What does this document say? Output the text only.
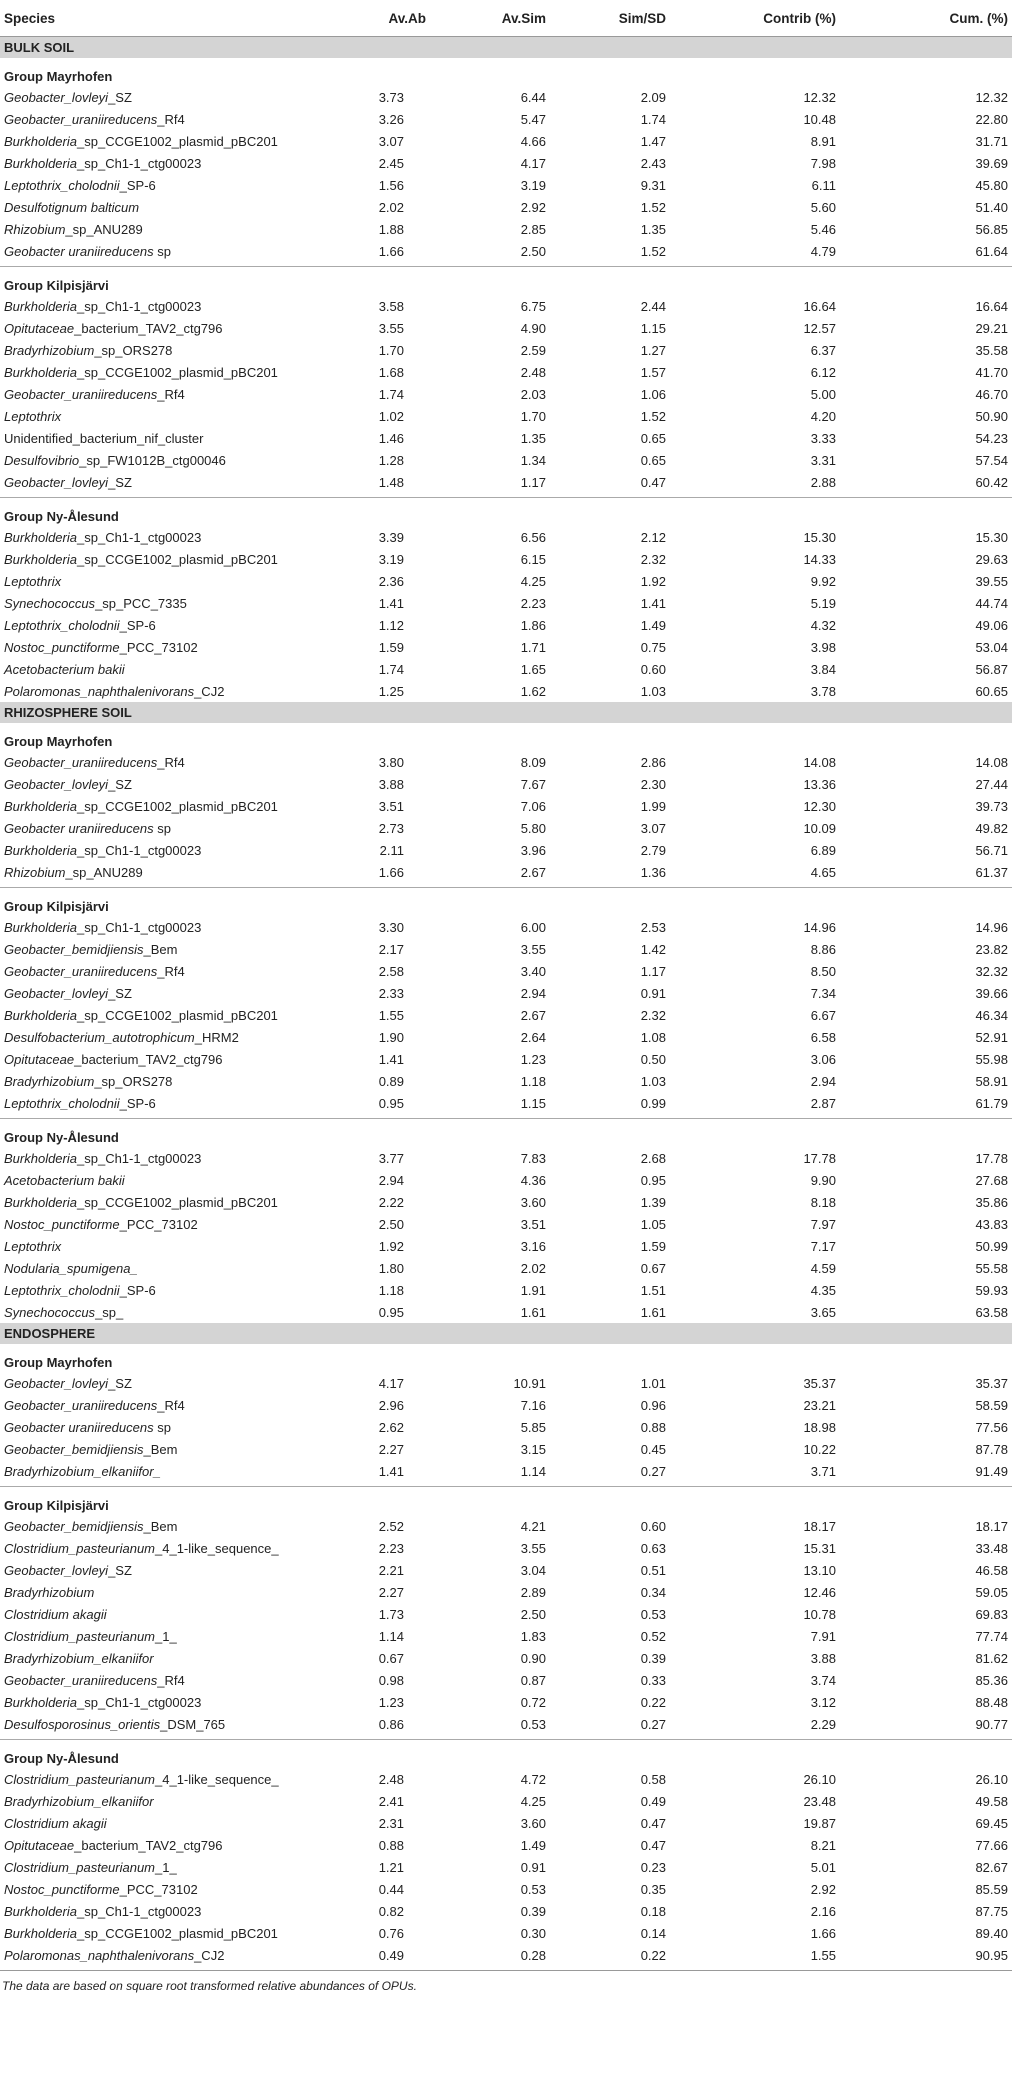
Species	Av.Ab	Av.Sim	Sim/SD	Contrib (%)	Cum. (%)
BULK SOIL					
Group Mayrhofen					
Geobacter_lovleyi_SZ	3.73	6.44	2.09	12.32	12.32
Geobacter_uraniireducens_Rf4	3.26	5.47	1.74	10.48	22.80
Burkholderia_sp_CCGE1002_plasmid_pBC201	3.07	4.66	1.47	8.91	31.71
Burkholderia_sp_Ch1-1_ctg00023	2.45	4.17	2.43	7.98	39.69
Leptothrix_cholodnii_SP-6	1.56	3.19	9.31	6.11	45.80
Desulfotignum balticum	2.02	2.92	1.52	5.60	51.40
Rhizobium_sp_ANU289	1.88	2.85	1.35	5.46	56.85
Geobacter uraniireducens sp	1.66	2.50	1.52	4.79	61.64

Group Kilpisjärvi					
Burkholderia_sp_Ch1-1_ctg00023	3.58	6.75	2.44	16.64	16.64
Opitutaceae_bacterium_TAV2_ctg796	3.55	4.90	1.15	12.57	29.21
Bradyrhizobium_sp_ORS278	1.70	2.59	1.27	6.37	35.58
Burkholderia_sp_CCGE1002_plasmid_pBC201	1.68	2.48	1.57	6.12	41.70
Geobacter_uraniireducens_Rf4	1.74	2.03	1.06	5.00	46.70
Leptothrix	1.02	1.70	1.52	4.20	50.90
Unidentified_bacterium_nif_cluster	1.46	1.35	0.65	3.33	54.23
Desulfovibrio_sp_FW1012B_ctg00046	1.28	1.34	0.65	3.31	57.54
Geobacter_lovleyi_SZ	1.48	1.17	0.47	2.88	60.42

Group Ny-Ålesund					
Burkholderia_sp_Ch1-1_ctg00023	3.39	6.56	2.12	15.30	15.30
Burkholderia_sp_CCGE1002_plasmid_pBC201	3.19	6.15	2.32	14.33	29.63
Leptothrix	2.36	4.25	1.92	9.92	39.55
Synechococcus_sp_PCC_7335	1.41	2.23	1.41	5.19	44.74
Leptothrix_cholodnii_SP-6	1.12	1.86	1.49	4.32	49.06
Nostoc_punctiforme_PCC_73102	1.59	1.71	0.75	3.98	53.04
Acetobacterium bakii	1.74	1.65	0.60	3.84	56.87
Polaromonas_naphthalenivorans_CJ2	1.25	1.62	1.03	3.78	60.65
RHIZOSPHERE SOIL					
Group Mayrhofen					
Geobacter_uraniireducens_Rf4	3.80	8.09	2.86	14.08	14.08
Geobacter_lovleyi_SZ	3.88	7.67	2.30	13.36	27.44
Burkholderia_sp_CCGE1002_plasmid_pBC201	3.51	7.06	1.99	12.30	39.73
Geobacter uraniireducens sp	2.73	5.80	3.07	10.09	49.82
Burkholderia_sp_Ch1-1_ctg00023	2.11	3.96	2.79	6.89	56.71
Rhizobium_sp_ANU289	1.66	2.67	1.36	4.65	61.37

Group Kilpisjärvi					
Burkholderia_sp_Ch1-1_ctg00023	3.30	6.00	2.53	14.96	14.96
Geobacter_bemidjiensis_Bem	2.17	3.55	1.42	8.86	23.82
Geobacter_uraniireducens_Rf4	2.58	3.40	1.17	8.50	32.32
Geobacter_lovleyi_SZ	2.33	2.94	0.91	7.34	39.66
Burkholderia_sp_CCGE1002_plasmid_pBC201	1.55	2.67	2.32	6.67	46.34
Desulfobacterium_autotrophicum_HRM2	1.90	2.64	1.08	6.58	52.91
Opitutaceae_bacterium_TAV2_ctg796	1.41	1.23	0.50	3.06	55.98
Bradyrhizobium_sp_ORS278	0.89	1.18	1.03	2.94	58.91
Leptothrix_cholodnii_SP-6	0.95	1.15	0.99	2.87	61.79

Group Ny-Ålesund					
Burkholderia_sp_Ch1-1_ctg00023	3.77	7.83	2.68	17.78	17.78
Acetobacterium bakii	2.94	4.36	0.95	9.90	27.68
Burkholderia_sp_CCGE1002_plasmid_pBC201	2.22	3.60	1.39	8.18	35.86
Nostoc_punctiforme_PCC_73102	2.50	3.51	1.05	7.97	43.83
Leptothrix	1.92	3.16	1.59	7.17	50.99
Nodularia_spumigena_	1.80	2.02	0.67	4.59	55.58
Leptothrix_cholodnii_SP-6	1.18	1.91	1.51	4.35	59.93
Synechococcus_sp_	0.95	1.61	1.61	3.65	63.58
ENDOSPHERE					
Group Mayrhofen					
Geobacter_lovleyi_SZ	4.17	10.91	1.01	35.37	35.37
Geobacter_uraniireducens_Rf4	2.96	7.16	0.96	23.21	58.59
Geobacter uraniireducens sp	2.62	5.85	0.88	18.98	77.56
Geobacter_bemidjiensis_Bem	2.27	3.15	0.45	10.22	87.78
Bradyrhizobium_elkaniifor_	1.41	1.14	0.27	3.71	91.49

Group Kilpisjärvi					
Geobacter_bemidjiensis_Bem	2.52	4.21	0.60	18.17	18.17
Clostridium_pasteurianum_4_1-like_sequence_	2.23	3.55	0.63	15.31	33.48
Geobacter_lovleyi_SZ	2.21	3.04	0.51	13.10	46.58
Bradyrhizobium	2.27	2.89	0.34	12.46	59.05
Clostridium akagii	1.73	2.50	0.53	10.78	69.83
Clostridium_pasteurianum_1_	1.14	1.83	0.52	7.91	77.74
Bradyrhizobium_elkaniifor	0.67	0.90	0.39	3.88	81.62
Geobacter_uraniireducens_Rf4	0.98	0.87	0.33	3.74	85.36
Burkholderia_sp_Ch1-1_ctg00023	1.23	0.72	0.22	3.12	88.48
Desulfosporosinus_orientis_DSM_765	0.86	0.53	0.27	2.29	90.77

Group Ny-Ålesund					
Clostridium_pasteurianum_4_1-like_sequence_	2.48	4.72	0.58	26.10	26.10
Bradyrhizobium_elkaniifor	2.41	4.25	0.49	23.48	49.58
Clostridium akagii	2.31	3.60	0.47	19.87	69.45
Opitutaceae_bacterium_TAV2_ctg796	0.88	1.49	0.47	8.21	77.66
Clostridium_pasteurianum_1_	1.21	0.91	0.23	5.01	82.67
Nostoc_punctiforme_PCC_73102	0.44	0.53	0.35	2.92	85.59
Burkholderia_sp_Ch1-1_ctg00023	0.82	0.39	0.18	2.16	87.75
Burkholderia_sp_CCGE1002_plasmid_pBC201	0.76	0.30	0.14	1.66	89.40
Polaromonas_naphthalenivorans_CJ2	0.49	0.28	0.22	1.55	90.95

The data are based on square root transformed relative abundances of OPUs.
